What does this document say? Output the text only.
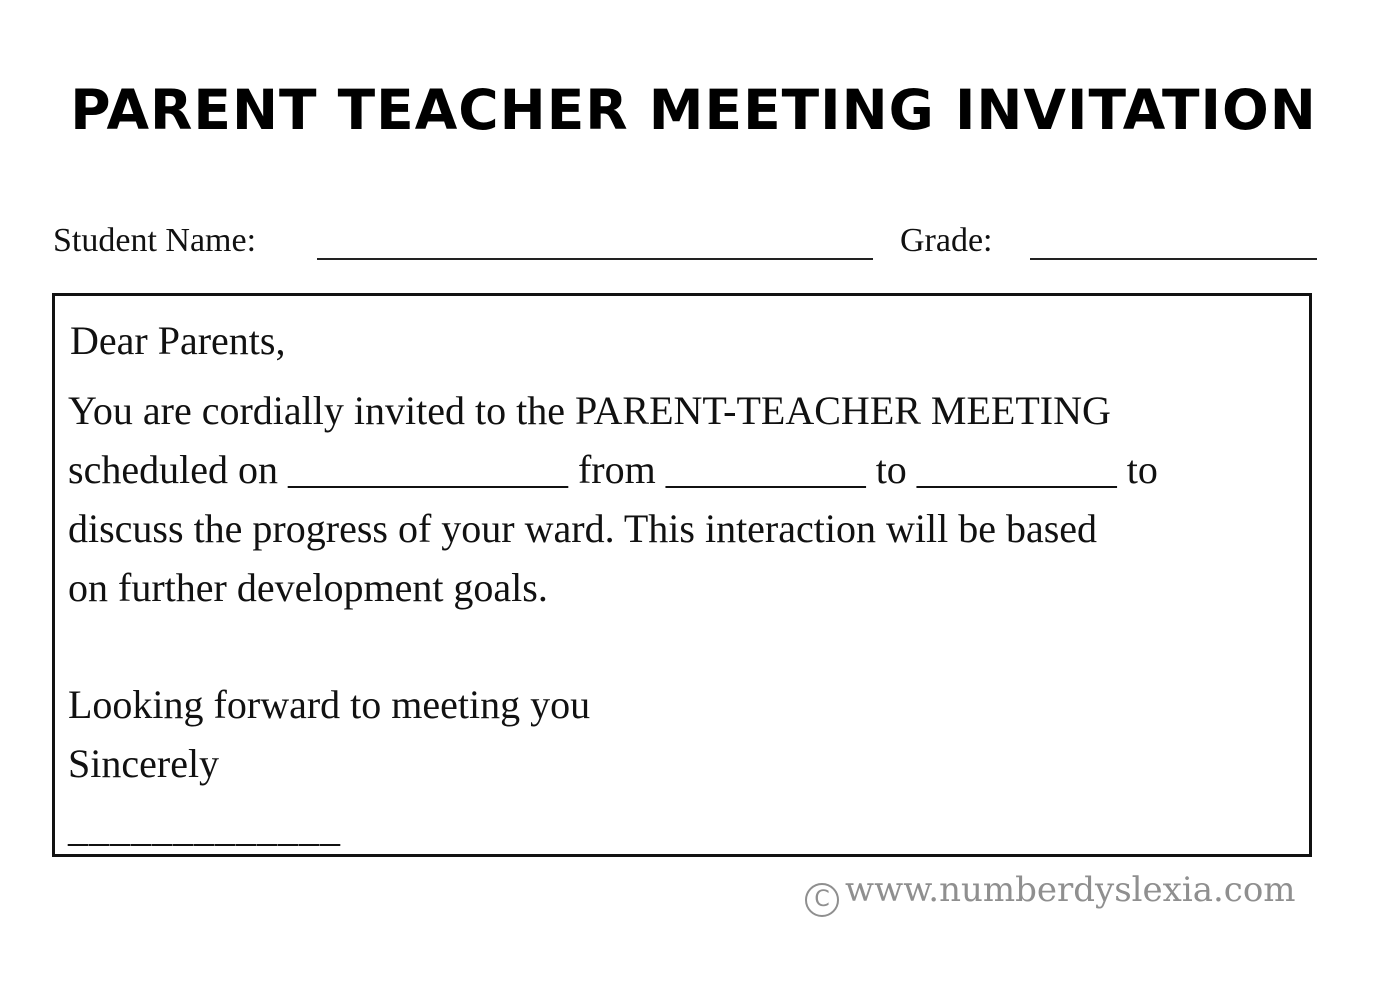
PARENT TEACHER MEETING INVITATION
Student Name:	Grade:
Dear Parents,
You are cordially invited to the PARENT-TEACHER MEETING
scheduled on ______________ from __________ to __________ to
discuss the progress of your ward. This interaction will be based
on further development goals.
Looking forward to meeting you
Sincerely
_____________
C www.numberdyslexia.com
